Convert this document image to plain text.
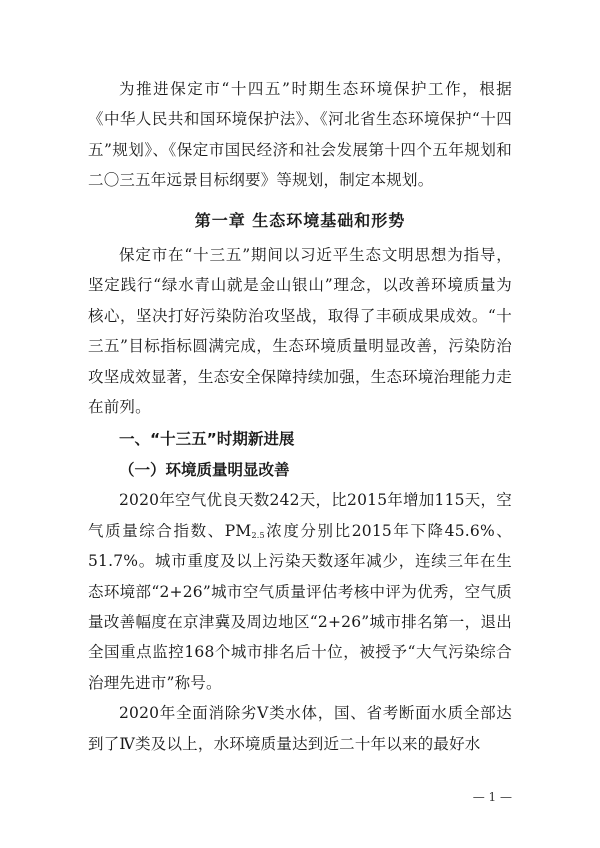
为推进保定市“十四五”时期生态环境保护工作，根据《中华人民共和国环境保护法》、《河北省生态环境保护“十四五”规划》、《保定市国民经济和社会发展第十四个五年规划和二〇三五年远景目标纲要》等规划，制定本规划。

第一章 生态环境基础和形势

保定市在“十三五”期间以习近平生态文明思想为指导，坚定践行“绿水青山就是金山银山”理念，以改善环境质量为核心，坚决打好污染防治攻坚战，取得了丰硕成果成效。“十三五”目标指标圆满完成，生态环境质量明显改善，污染防治攻坚成效显著，生态安全保障持续加强，生态环境治理能力走在前列。

一、“十三五”时期新进展
（一）环境质量明显改善

2020年空气优良天数242天，比2015年增加115天，空气质量综合指数、$PM_{2.5}$浓度分别比2015年下降45.6%、51.7%。城市重度及以上污染天数逐年减少，连续三年在生态环境部“2+26”城市空气质量评估考核中评为优秀，空气质量改善幅度在京津冀及周边地区“2+26”城市排名第一，退出全国重点监控168个城市排名后十位，被授予“大气污染综合治理先进市”称号。

2020年全面消除劣Ⅴ类水体，国、省考断面水质全部达到了Ⅳ类及以上，水环境质量达到近二十年以来的最好水

— 1 —
